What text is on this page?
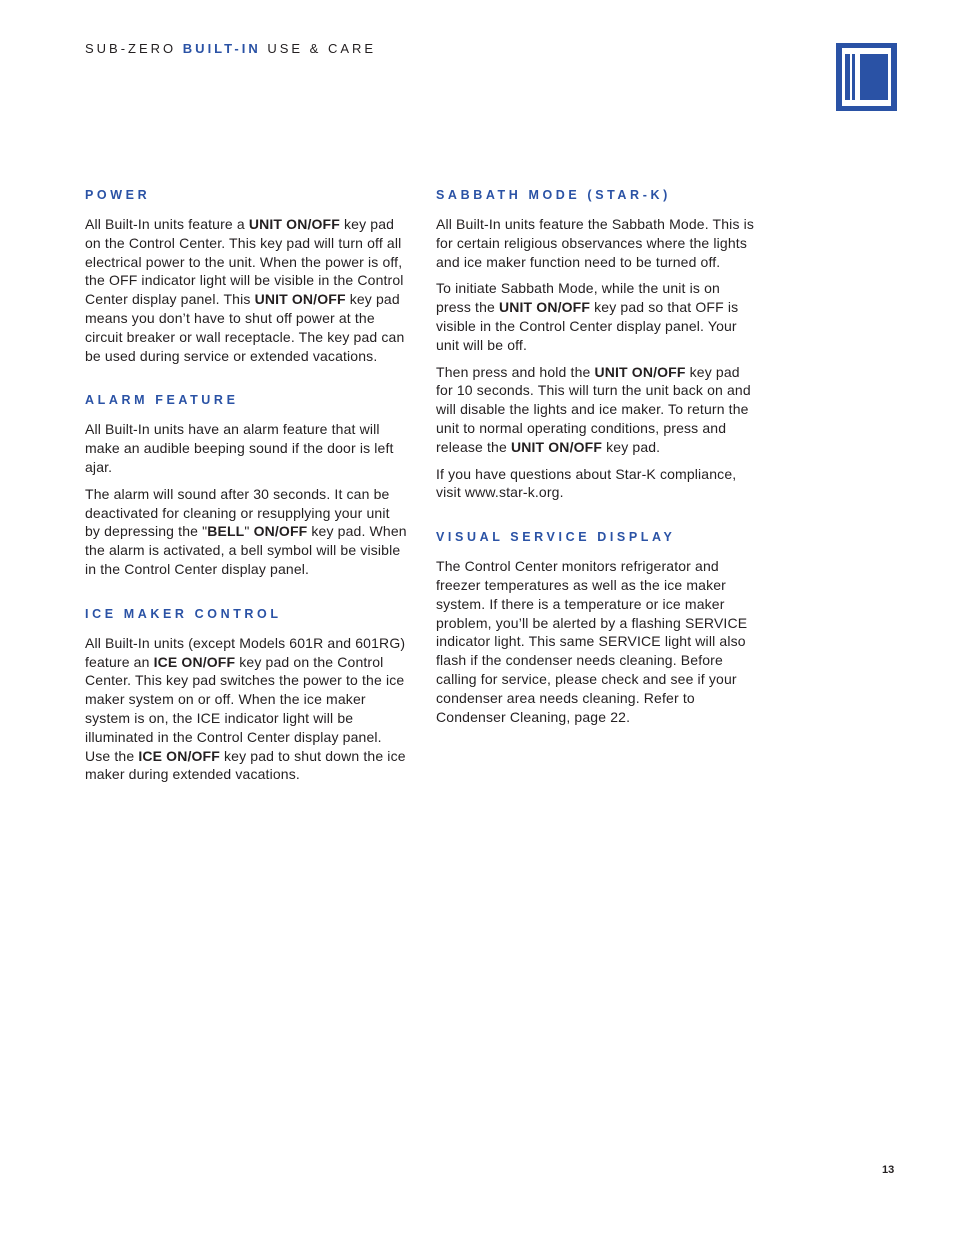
SUB-ZERO BUILT-IN USE & CARE
POWER

All Built-In units feature a UNIT ON/OFF key pad on the Control Center. This key pad will turn off all electrical power to the unit. When the power is off, the OFF indicator light will be visible in the Control Center display panel. This UNIT ON/OFF key pad means you don’t have to shut off power at the circuit breaker or wall receptacle. The key pad can be used during service or extended vacations.

ALARM FEATURE

All Built-In units have an alarm feature that will make an audible beeping sound if the door is left ajar.

The alarm will sound after 30 seconds. It can be deactivated for cleaning or resupplying your unit by depressing the "BELL" ON/OFF key pad. When the alarm is activated, a bell symbol will be visible in the Control Center display panel.

ICE MAKER CONTROL

All Built-In units (except Models 601R and 601RG) feature an ICE ON/OFF key pad on the Control Center. This key pad switches the power to the ice maker system on or off. When the ice maker system is on, the ICE indicator light will be illuminated in the Control Center display panel. Use the ICE ON/OFF key pad to shut down the ice maker during extended vacations.

SABBATH MODE (STAR-K)

All Built-In units feature the Sabbath Mode. This is for certain religious observances where the lights and ice maker function need to be turned off.

To initiate Sabbath Mode, while the unit is on press the UNIT ON/OFF key pad so that OFF is visible in the Control Center display panel. Your unit will be off.

Then press and hold the UNIT ON/OFF key pad for 10 seconds. This will turn the unit back on and will disable the lights and ice maker. To return the unit to normal operating conditions, press and release the UNIT ON/OFF key pad.

If you have questions about Star-K compliance, visit www.star-k.org.

VISUAL SERVICE DISPLAY

The Control Center monitors refrigerator and freezer temperatures as well as the ice maker system. If there is a temperature or ice maker problem, you’ll be alerted by a flashing SERVICE indicator light. This same SERVICE light will also flash if the condenser needs cleaning. Before calling for service, please check and see if your condenser area needs cleaning. Refer to Condenser Cleaning, page 22.

13
